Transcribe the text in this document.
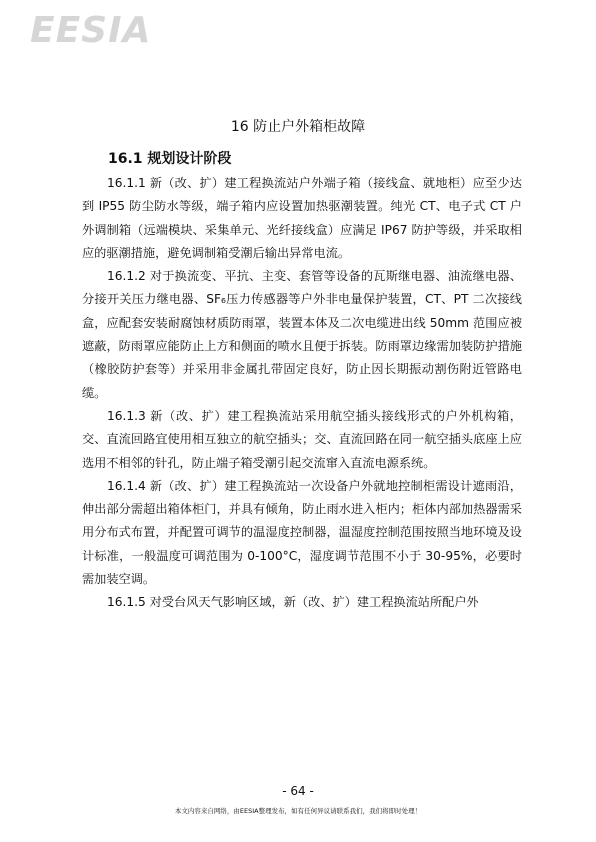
EESIA
16 防止户外箱柜故障
16.1 规划设计阶段

16.1.1 新（改、扩）建工程换流站户外端子箱（接线盒、就地柜）应至少达到 IP55 防尘防水等级，端子箱内应设置加热驱潮装置。纯光 CT、电子式 CT 户外调制箱（远端模块、采集单元、光纤接线盒）应满足 IP67 防护等级，并采取相应的驱潮措施，避免调制箱受潮后输出异常电流。

16.1.2 对于换流变、平抗、主变、套管等设备的瓦斯继电器、油流继电器、分接开关压力继电器、SF₆压力传感器等户外非电量保护装置，CT、PT 二次接线盒，应配套安装耐腐蚀材质防雨罩，装置本体及二次电缆进出线 50mm 范围应被遮蔽，防雨罩应能防止上方和侧面的喷水且便于拆装。防雨罩边缘需加装防护措施（橡胶防护套等）并采用非金属扎带固定良好，防止因长期振动割伤附近管路电缆。

16.1.3 新（改、扩）建工程换流站采用航空插头接线形式的户外机构箱，交、直流回路宜使用相互独立的航空插头；交、直流回路在同一航空插头底座上应选用不相邻的针孔，防止端子箱受潮引起交流窜入直流电源系统。

16.1.4 新（改、扩）建工程换流站一次设备户外就地控制柜需设计遮雨沿，伸出部分需超出箱体柜门，并具有倾角，防止雨水进入柜内；柜体内部加热器需采用分布式布置，并配置可调节的温湿度控制器，温湿度控制范围按照当地环境及设计标准，一般温度可调范围为 0-100°C，湿度调节范围不小于 30-95%，必要时需加装空调。

16.1.5 对受台风天气影响区域，新（改、扩）建工程换流站所配户外

- 64 -
本文内容来自网络，由EESIA整理发布，如有任何异议请联系我们，我们将即时处理！
